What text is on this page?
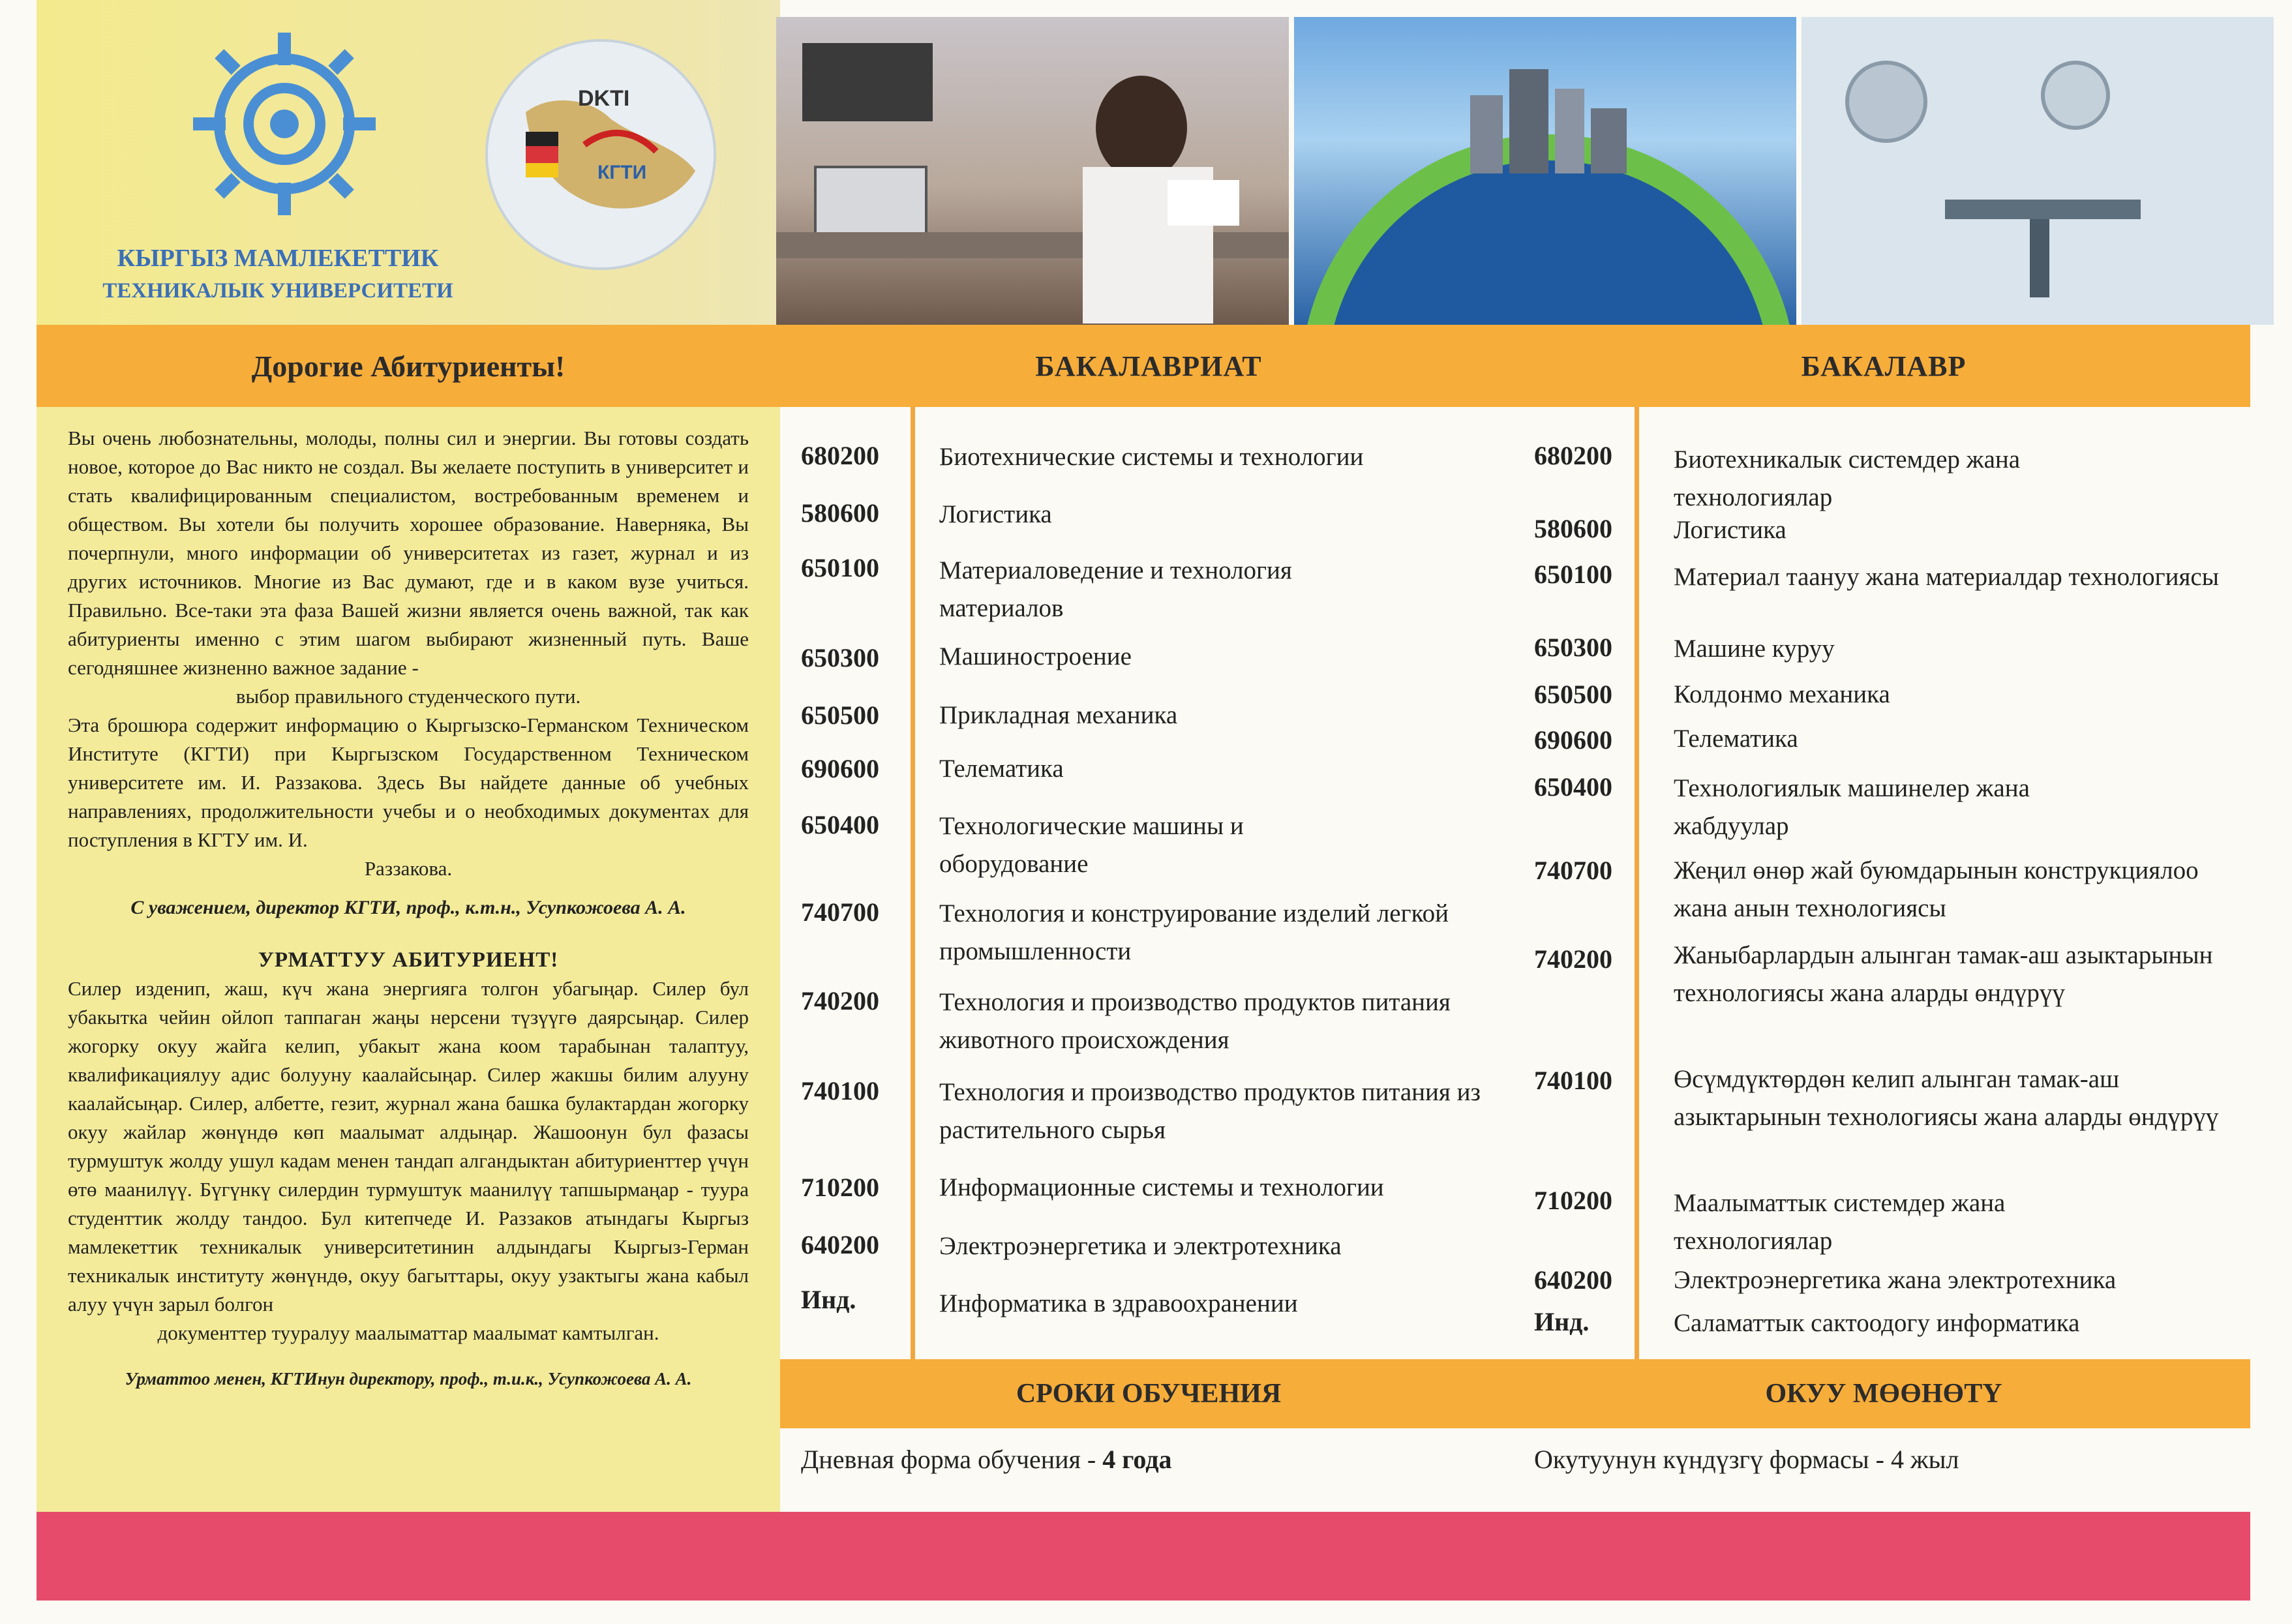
DKTI
КГТИ
КЫРГЫЗ МАМЛЕКЕТТИК
ТЕХНИКАЛЫК УНИВЕРСИТЕТИ
Дорогие Абитуриенты!	БАКАЛАВРИАТ	БАКАЛАВР

Вы очень любознательны, молоды, полны сил и энергии. Вы готовы создать новое, которое до Вас никто не создал. Вы желаете поступить в университет и стать квалифицированным специалистом, востребованным временем и обществом. Вы хотели бы получить хорошее образование. Наверняка, Вы почерпнули, много информации об университетах из газет, журнал и из других источников. Многие из Вас думают, где и в каком вузе учиться. Правильно. Все-таки эта фаза Вашей жизни является очень важной, так как абитуриенты именно с этим шагом выбирают жизненный путь. Ваше сегодняшнее жизненно важное задание -

выбор правильного студенческого пути.

Эта брошюра содержит информацию о Кыргызско-Германском Техническом Институте (КГТИ) при Кыргызском Государственном Техническом университете им. И. Раззакова. Здесь Вы найдете данные об учебных направлениях, продолжительности учебы и о необходимых документах для поступления в КГТУ им. И.

Раззакова.

С уважением, директор КГТИ, проф., к.т.н., Усупкожоева А. А.

УРМАТТУУ АБИТУРИЕНТ!

Силер изденип, жаш, күч жана энергияга толгон убагыңар. Силер бул убакытка чейин ойлоп таппаган жаңы нерсени түзүүгө даярсыңар. Силер жогорку окуу жайга келип, убакыт жана коом тарабынан талаптуу, квалификациялуу адис болууну каалайсыңар. Силер жакшы билим алууну каалайсыңар. Силер, албетте, гезит, журнал жана башка булактардан жогорку окуу жайлар жөнүндө көп маалымат алдыңар. Жашоонун бул фазасы турмуштук жолду ушул кадам менен тандап алгандыктан абитуриенттер үчүн өтө маанилүү. Бүгүнкү силердин турмуштук маанилүү тапшырмаңар - туура студенттик жолду тандоо. Бул китепчеде И. Раззаков атындагы Кыргыз мамлекеттик техникалык университетинин алдындагы Кыргыз-Герман техникалык институту жөнүндө, окуу багыттары, окуу узактыгы жана кабыл алуу үчүн зарыл болгон

документтер тууралуу маалыматтар маалымат камтылган.

Урматтоо менен, КГТИнун директору, проф., т.и.к., Усупкожоева А. А.

680200 Биотехнические системы и технологии
580600 Логистика
650100 Материаловедение и технология материалов
650300 Машиностроение
650500 Прикладная механика
690600 Телематика
650400 Технологические машины и оборудование
740700 Технология и конструирование изделий легкой промышленности
740200 Технология и производство продуктов питания животного происхождения
740100 Технология и производство продуктов питания из растительного сырья
710200 Информационные системы и технологии
640200 Электроэнергетика и электротехника
Инд.	Информатика в здравоохранении
680200 Биотехникалык системдер жана технологиялар
580600 Логистика
650100 Материал таануу жана материалдар технологиясы
650300 Машине куруу
650500 Колдонмо механика
690600 Телематика
650400 Технологиялык машинелер жана жабдуулар
740700 Жеңил өнөр жай буюмдарынын конструкциялоо жана анын технологиясы
740200 Жаныбарлардын алынган тамак-аш азыктарынын технологиясы жана аларды өндүрүү
740100 Өсүмдүктөрдөн келип алынган тамак-аш азыктарынын технологиясы жана аларды өндүрүү
710200 Маалыматтык системдер жана технологиялар
640200 Электроэнергетика жана электротехника
Инд.	Саламаттык сактоодогу информатика
СРОКИ ОБУЧЕНИЯ	ОКУУ МӨӨНӨТҮ
Дневная форма обучения - 4 года	Окутуунун күндүзгү формасы - 4 жыл
